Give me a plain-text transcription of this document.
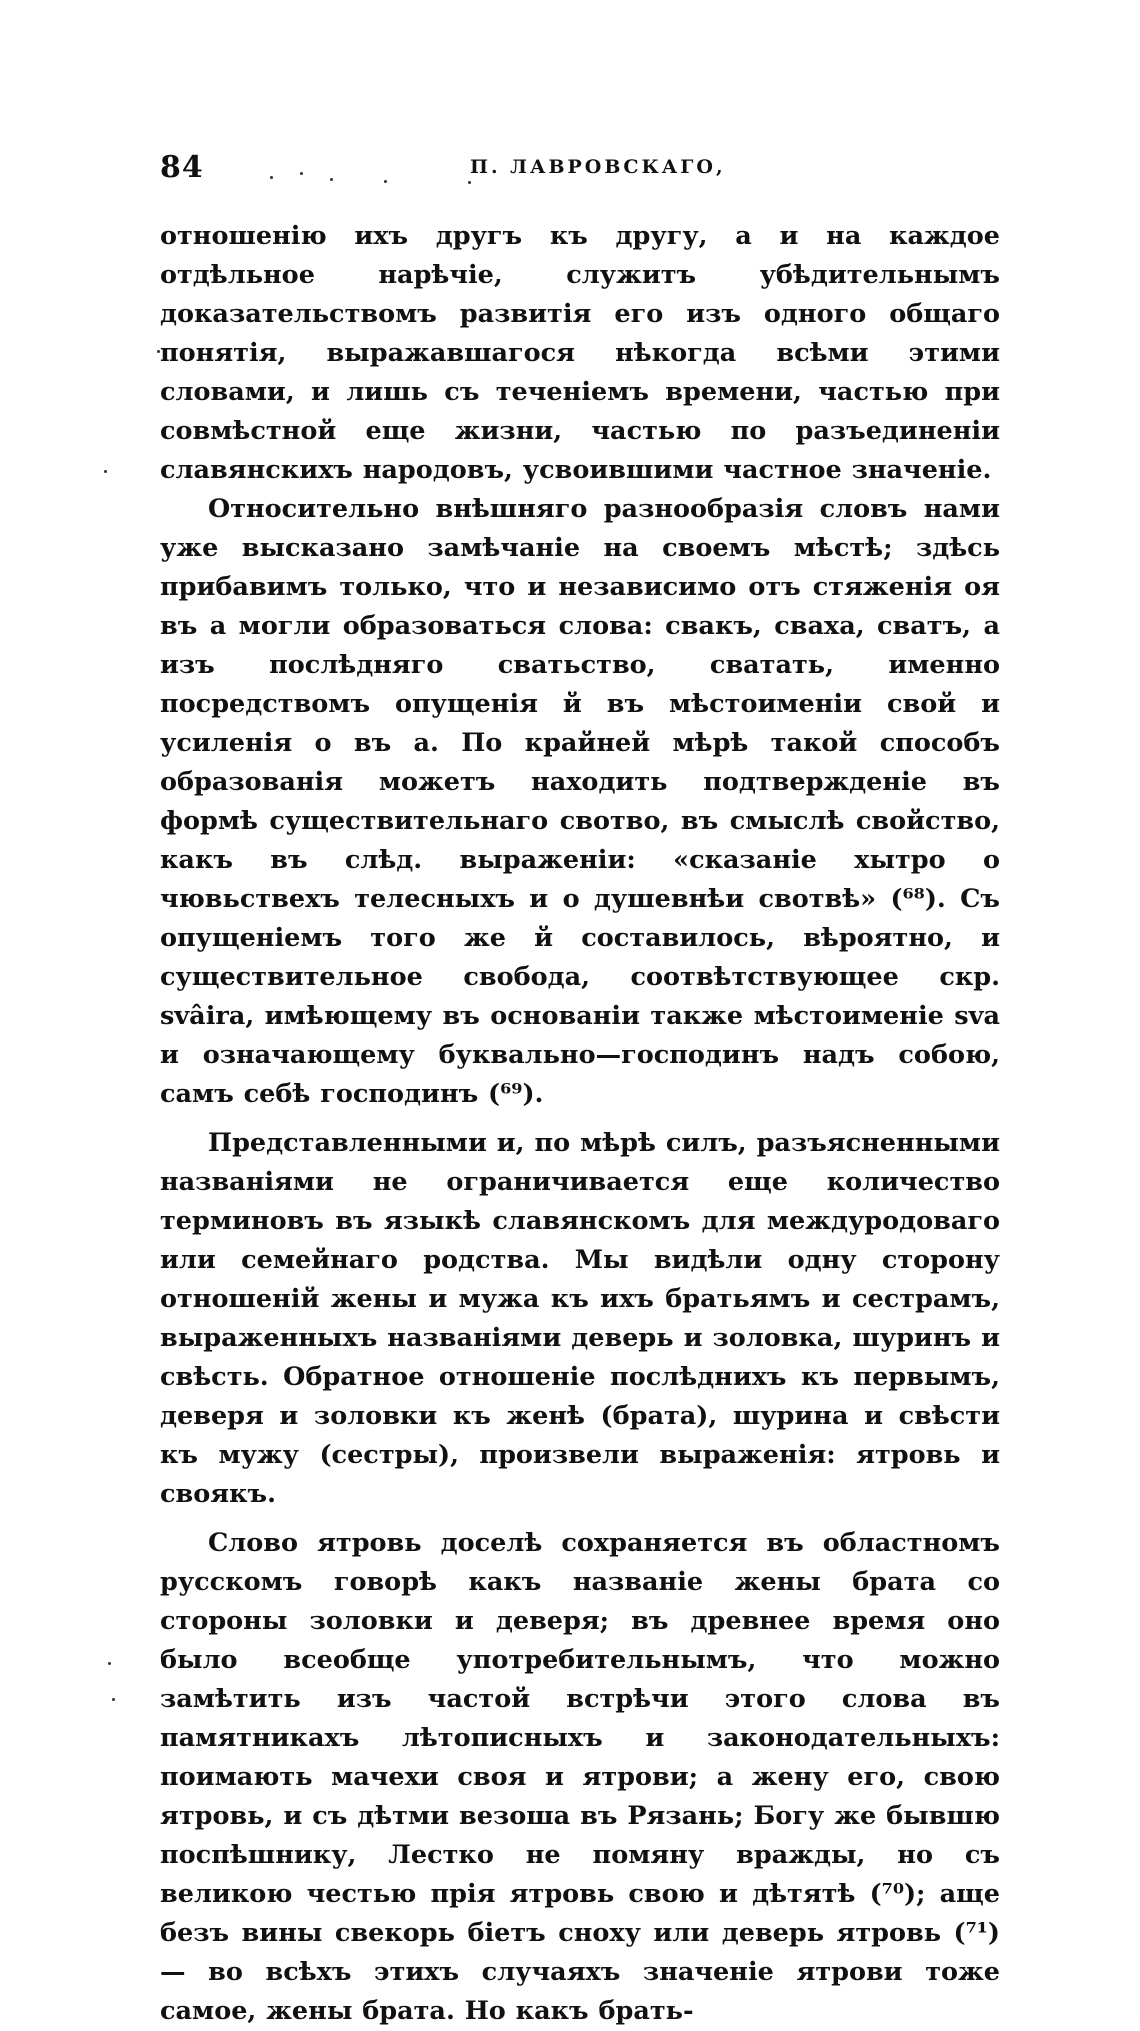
84	П. ЛАВРОВСКАГО,

отношенію ихъ другъ къ другу, а и на каждое отдѣльное нарѣчіе, служитъ убѣдительнымъ доказательствомъ развитія его изъ одного общаго понятія, выражавшагося нѣкогда всѣми этими словами, и лишь съ теченіемъ времени, частью при совмѣстной еще жизни, частью по разъединеніи славянскихъ народовъ, усвоившими частное значеніе.

Относительно внѣшняго разнообразія словъ нами уже высказано замѣчаніе на своемъ мѣстѣ; здѣсь прибавимъ только, что и независимо отъ стяженія оя въ а могли образоваться слова: свакъ, сваха, сватъ, а изъ послѣдняго сватьство, сватать, именно посредствомъ опущенія й въ мѣстоименіи свой и усиленія о въ а. По крайней мѣрѣ такой способъ образованія можетъ находить подтвержденіе въ формѣ существительнаго свотво, въ смыслѣ свойство, какъ въ слѣд. выраженіи: «сказаніе хытро о чювьствехъ телесныхъ и о душевнѣи свотвѣ» (⁶⁸). Съ опущеніемъ того же й составилось, вѣроятно, и существительное свобода, соотвѣтствующее скр. svâira, имѣющему въ основаніи также мѣстоименіе sva и означающему буквально—господинъ надъ собою, самъ себѣ господинъ (⁶⁹).

Представленными и, по мѣрѣ силъ, разъясненными названіями не ограничивается еще количество терминовъ въ языкѣ славянскомъ для междуродоваго или семейнаго родства. Мы видѣли одну сторону отношеній жены и мужа къ ихъ братьямъ и сестрамъ, выраженныхъ названіями деверь и золовка, шуринъ и свѣсть. Обратное отношеніе послѣднихъ къ первымъ, деверя и золовки къ женѣ (брата), шурина и свѣсти къ мужу (сестры), произвели выраженія: ятровь и своякъ.

Слово ятровь доселѣ сохраняется въ областномъ русскомъ говорѣ какъ названіе жены брата со стороны золовки и деверя; въ древнее время оно было всеобще употребительнымъ, что можно замѣтить изъ частой встрѣчи этого слова въ памятникахъ лѣтописныхъ и законодательныхъ: поимають мачехи своя и ятрови; а жену его, свою ятровь, и съ дѣтми везоша въ Рязань; Богу же бывшю поспѣшнику, Лестко не помяну вражды, но съ великою честью прія ятровь свою и дѣтятѣ (⁷⁰); аще безъ вины свекорь біетъ сноху или деверь ятровь (⁷¹) — во всѣхъ этихъ случаяхъ значеніе ятрови тоже самое, жены брата. Но какъ брать-
